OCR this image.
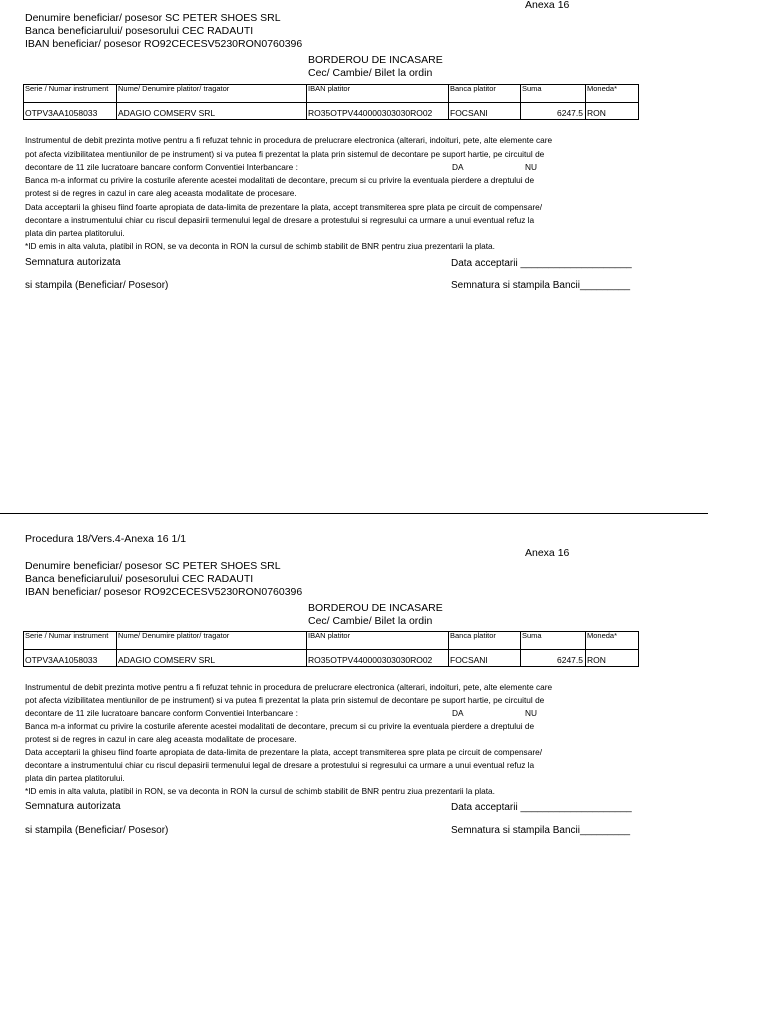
Anexa 16
Denumire beneficiar/ posesor SC PETER SHOES SRL
Banca beneficiarului/ posesorului CEC RADAUTI
IBAN beneficiar/ posesor RO92CECESV5230RON0760396
BORDEROU DE INCASARE
Cec/ Cambie/ Bilet la ordin
Serie / Numar instrument	Nume/ Denumire platitor/ tragator	IBAN platitor	Banca platitor	Suma	Moneda*
OTPV3AA1058033	ADAGIO COMSERV SRL	RO35OTPV440000303030RO02	FOCSANI	6247.5	RON
Instrumentul de debit prezinta motive pentru a fi refuzat tehnic in procedura de prelucrare electronica (alterari, indoituri, pete, alte elemente care
pot afecta vizibilitatea mentiunilor de pe instrument) si va putea fi prezentat la plata prin sistemul de decontare pe suport hartie, pe circuitul de
decontare de 11 zile lucratoare bancare conform Conventiei Interbancare :	DA	NU
Banca m-a informat cu privire la costurile aferente acestei modalitati de decontare, precum si cu privire la eventuala pierdere a dreptului de
protest si de regres in cazul in care aleg aceasta modalitate de procesare.
Data acceptarii la ghiseu fiind foarte apropiata de data-limita de prezentare la plata, accept transmiterea spre plata pe circuit de compensare/
decontare a instrumentului chiar cu riscul depasirii termenului legal de dresare a protestului si regresului ca urmare a unui eventual refuz la
plata din partea platitorului.
*ID emis in alta valuta, platibil in RON, se va deconta in RON la cursul de schimb stabilit de BNR pentru ziua prezentarii la plata.
Semnatura autorizata	Data acceptarii ____________________
si stampila (Beneficiar/ Posesor)	Semnatura si stampila Bancii_________
Procedura 18/Vers.4-Anexa 16 1/1
Anexa 16
Denumire beneficiar/ posesor SC PETER SHOES SRL
Banca beneficiarului/ posesorului CEC RADAUTI
IBAN beneficiar/ posesor RO92CECESV5230RON0760396
BORDEROU DE INCASARE
Cec/ Cambie/ Bilet la ordin
Serie / Numar instrument	Nume/ Denumire platitor/ tragator	IBAN platitor	Banca platitor	Suma	Moneda*
OTPV3AA1058033	ADAGIO COMSERV SRL	RO35OTPV440000303030RO02	FOCSANI	6247.5	RON
Instrumentul de debit prezinta motive pentru a fi refuzat tehnic in procedura de prelucrare electronica (alterari, indoituri, pete, alte elemente care
pot afecta vizibilitatea mentiunilor de pe instrument) si va putea fi prezentat la plata prin sistemul de decontare pe suport hartie, pe circuitul de
decontare de 11 zile lucratoare bancare conform Conventiei Interbancare :	DA	NU
Banca m-a informat cu privire la costurile aferente acestei modalitati de decontare, precum si cu privire la eventuala pierdere a dreptului de
protest si de regres in cazul in care aleg aceasta modalitate de procesare.
Data acceptarii la ghiseu fiind foarte apropiata de data-limita de prezentare la plata, accept transmiterea spre plata pe circuit de compensare/
decontare a instrumentului chiar cu riscul depasirii termenului legal de dresare a protestului si regresului ca urmare a unui eventual refuz la
plata din partea platitorului.
*ID emis in alta valuta, platibil in RON, se va deconta in RON la cursul de schimb stabilit de BNR pentru ziua prezentarii la plata.
Semnatura autorizata	Data acceptarii ____________________
si stampila (Beneficiar/ Posesor)	Semnatura si stampila Bancii_________
